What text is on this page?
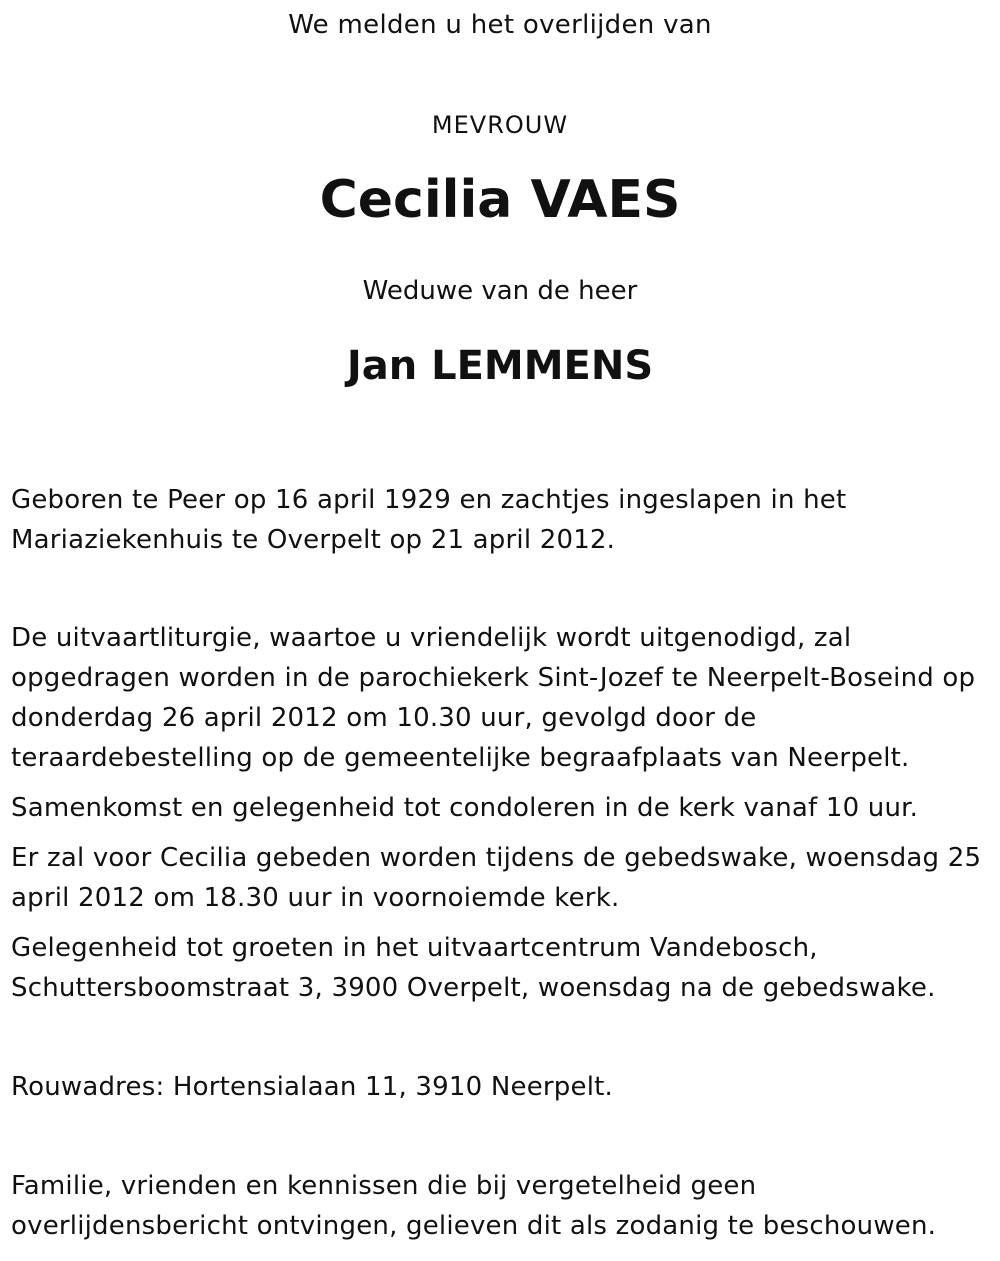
We melden u het overlijden van
MEVROUW
Cecilia VAES
Weduwe van de heer
Jan LEMMENS

Geboren te Peer op 16 april 1929 en zachtjes ingeslapen in het Mariaziekenhuis te Overpelt op 21 april 2012.

De uitvaartliturgie, waartoe u vriendelijk wordt uitgenodigd, zal opgedragen worden in de parochiekerk Sint-Jozef te Neerpelt-Boseind op donderdag 26 april 2012 om 10.30 uur, gevolgd door de teraardebestelling op de gemeentelijke begraafplaats van Neerpelt.

Samenkomst en gelegenheid tot condoleren in de kerk vanaf 10 uur.

Er zal voor Cecilia gebeden worden tijdens de gebedswake, woensdag 25 april 2012 om 18.30 uur in voornoiemde kerk.

Gelegenheid tot groeten in het uitvaartcentrum Vandebosch, Schuttersboomstraat 3, 3900 Overpelt, woensdag na de gebedswake.

Rouwadres: Hortensialaan 11, 3910 Neerpelt.

Familie, vrienden en kennissen die bij vergetelheid geen overlijdensbericht ontvingen, gelieven dit als zodanig te beschouwen.
